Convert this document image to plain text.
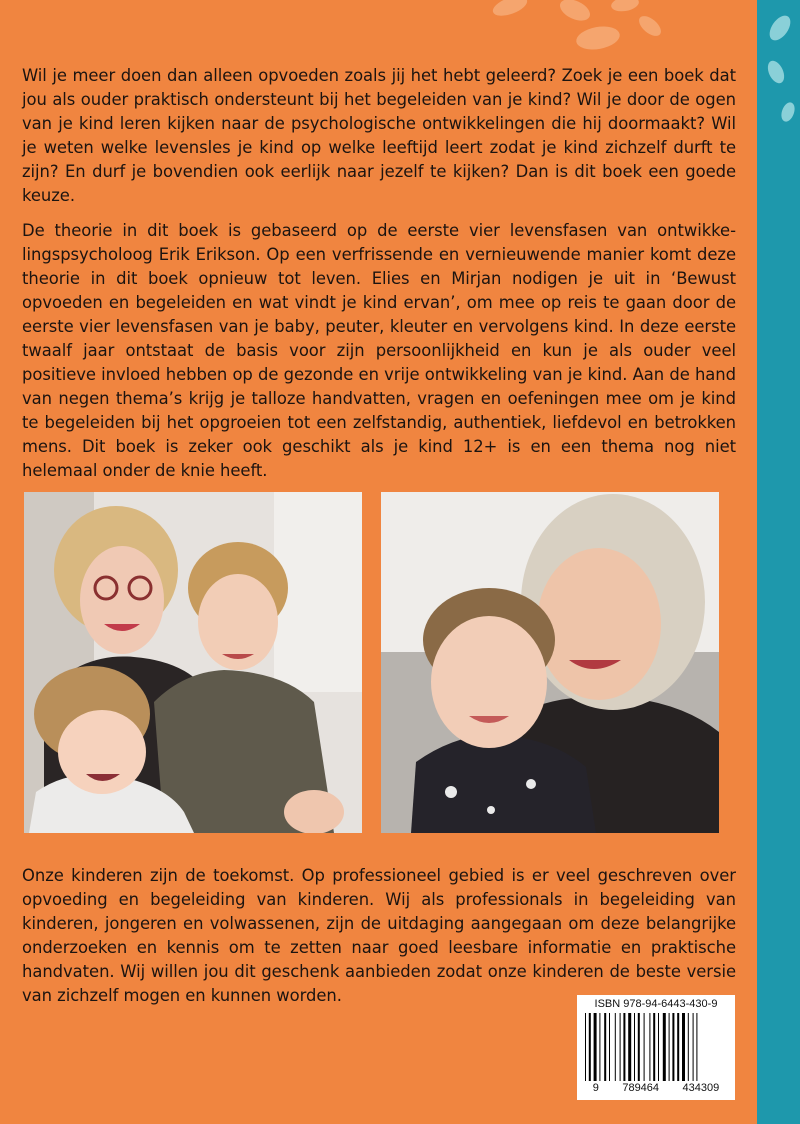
Wil je meer doen dan alleen opvoeden zoals jij het hebt geleerd? Zoek je een boek dat jou als ouder praktisch ondersteunt bij het begeleiden van je kind? Wil je door de ogen van je kind leren kijken naar de psychologische ontwikkelingen die hij doormaakt? Wil je weten welke levensles je kind op welke leeftijd leert zodat je kind zichzelf durft te zijn? En durf je bovendien ook eerlijk naar jezelf te kijken? Dan is dit boek een goede keuze.

De theorie in dit boek is gebaseerd op de eerste vier levensfasen van ontwikkelingspsycholoog Erik Erikson. Op een verfrissende en vernieuwende manier komt deze theorie in dit boek opnieuw tot leven. Elies en Mirjan nodigen je uit in ‘Bewust opvoeden en begeleiden en wat vindt je kind ervan’, om mee op reis te gaan door de eerste vier levensfasen van je baby, peuter, kleuter en vervolgens kind. In deze eerste twaalf jaar ontstaat de basis voor zijn persoonlijkheid en kun je als ouder veel positieve invloed hebben op de gezonde en vrije ontwikkeling van je kind. Aan de hand van negen thema’s krijg je talloze handvatten, vragen en oefeningen mee om je kind te begeleiden bij het opgroeien tot een zelfstandig, authentiek, liefdevol en betrokken mens. Dit boek is zeker ook geschikt als je kind 12+ is en een thema nog niet helemaal onder de knie heeft.

Onze kinderen zijn de toekomst. Op professioneel gebied is er veel geschreven over opvoeding en begeleiding van kinderen. Wij als professionals in begeleiding van kinderen, jongeren en volwassenen, zijn de uitdaging aangegaan om deze belangrijke onderzoeken en kennis om te zetten naar goed leesbare informatie en praktische handvaten. Wij willen jou dit geschenk aanbieden zodat onze kinderen de beste versie van zichzelf mogen en kunnen worden.	ISBN 978-94-6443-430-9
9 789464 434309
